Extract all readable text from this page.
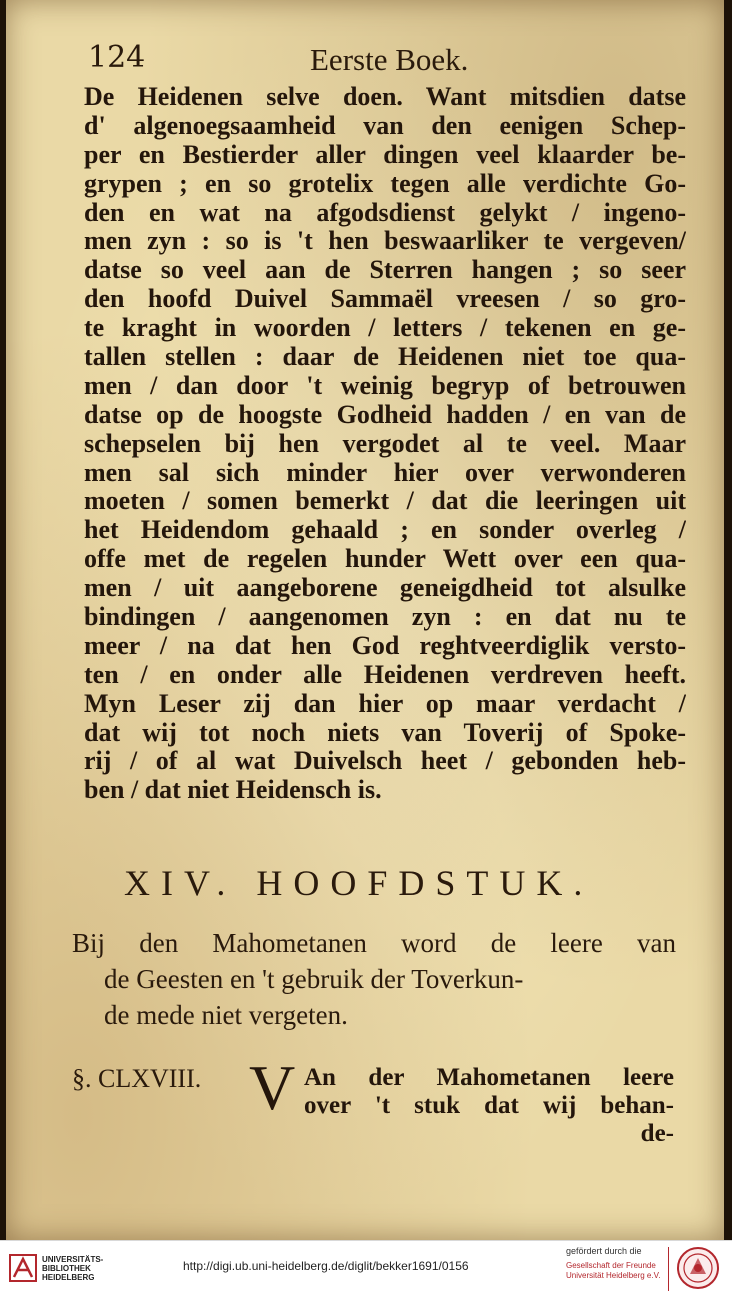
124	Eerste Boek.
De Heidenen selve doen. Want mitsdien datse
d' algenoegsaamheid van den eenigen Schep-
per en Bestierder aller dingen veel klaarder be-
grypen ; en so grotelix tegen alle verdichte Go-
den en wat na afgodsdienst gelykt / ingeno-
men zyn : so is 't hen beswaarliker te vergeven/
datse so veel aan de Sterren hangen ; so seer
den hoofd Duivel Sammaël vreesen / so gro-
te kraght in woorden / letters / tekenen en ge-
tallen stellen : daar de Heidenen niet toe qua-
men / dan door 't weinig begryp of betrouwen
datse op de hoogste Godheid hadden / en van de
schepselen bij hen vergodet al te veel. Maar
men sal sich minder hier over verwonderen
moeten / somen bemerkt / dat die leeringen uit
het Heidendom gehaald ; en sonder overleg /
offe met de regelen hunder Wett over een qua-
men / uit aangeborene geneigdheid tot alsulke
bindingen / aangenomen zyn : en dat nu te
meer / na dat hen God reghtveerdiglik versto-
ten / en onder alle Heidenen verdreven heeft.
Myn Leser zij dan hier op maar verdacht /
dat wij tot noch niets van Toverij of Spoke-
rij / of al wat Duivelsch heet / gebonden heb-
ben / dat niet Heidensch is.
XIV. HOOFDSTUK.
Bij den Mahometanen word de leere van
de Geesten en 't gebruik der Toverkun-
de mede niet vergeten.
§. CLXVIII. V An der Mahometanen leere
over 't stuk dat wij behan-
de-
UNIVERSITÄTS-
BIBLIOTHEK
HEIDELBERG
http://digi.ub.uni-heidelberg.de/diglit/bekker1691/0156
gefördert durch die
Gesellschaft der Freunde
Universität Heidelberg e.V.
